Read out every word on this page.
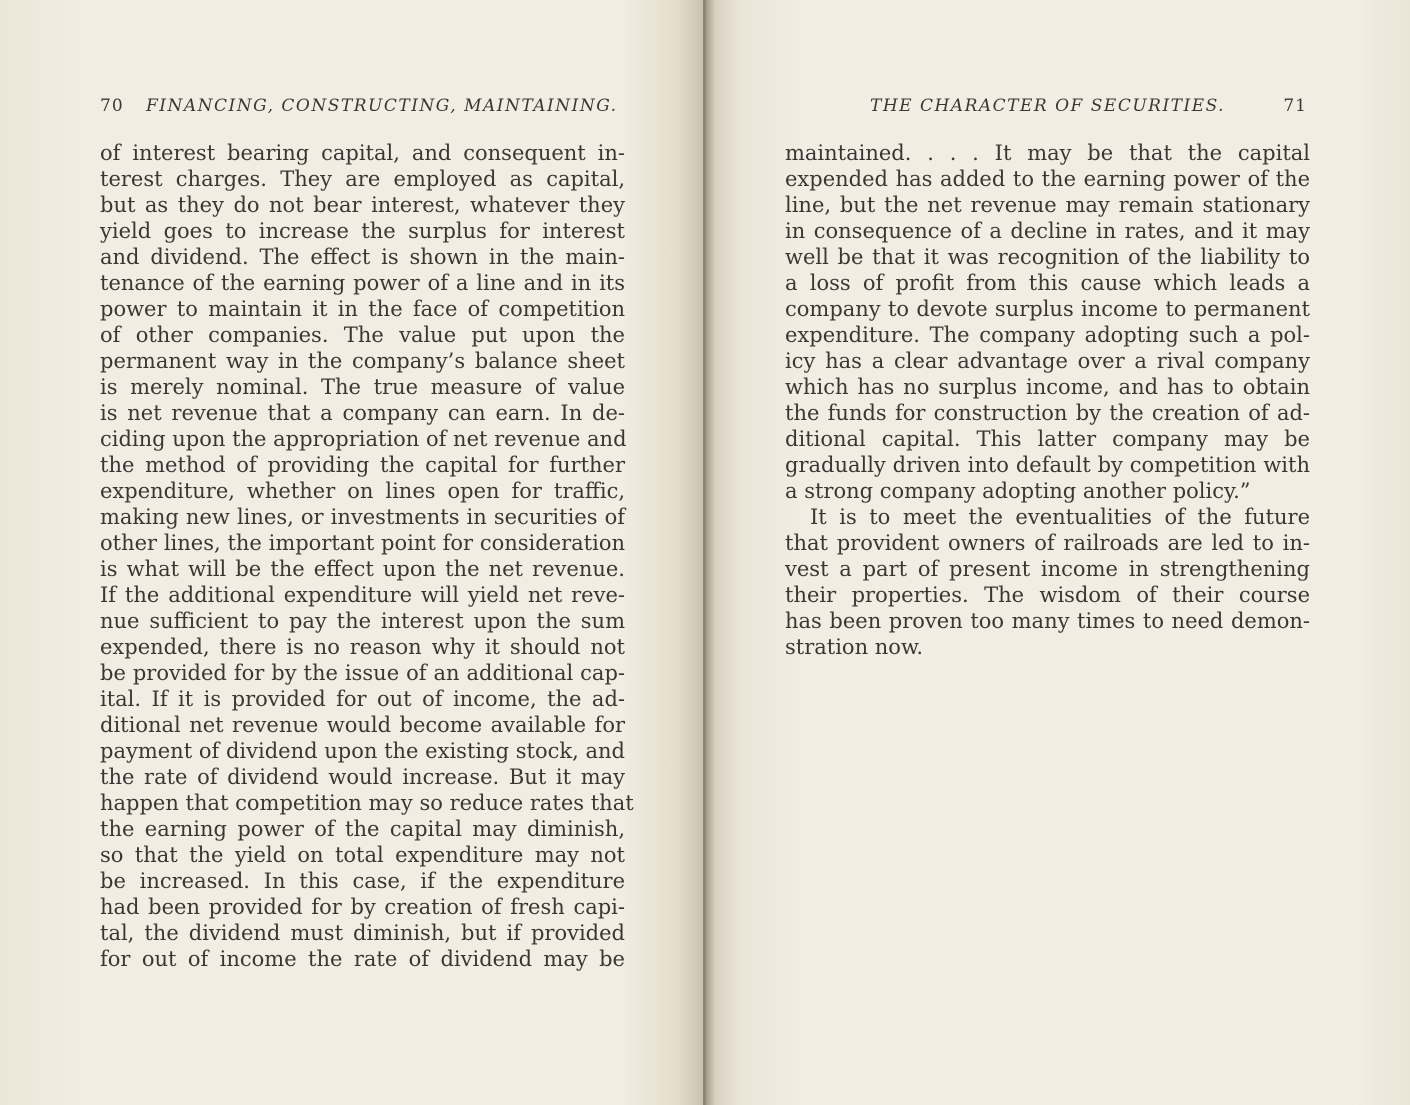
70 FINANCING, CONSTRUCTING, MAINTAINING.
of interest bearing capital, and consequent in-
terest charges. They are employed as capital,
but as they do not bear interest, whatever they
yield goes to increase the surplus for interest
and dividend. The effect is shown in the main-
tenance of the earning power of a line and in its
power to maintain it in the face of competition
of other companies. The value put upon the
permanent way in the company’s balance sheet
is merely nominal. The true measure of value
is net revenue that a company can earn. In de-
ciding upon the appropriation of net revenue and
the method of providing the capital for further
expenditure, whether on lines open for traffic,
making new lines, or investments in securities of
other lines, the important point for consideration
is what will be the effect upon the net revenue.
If the additional expenditure will yield net reve-
nue sufficient to pay the interest upon the sum
expended, there is no reason why it should not
be provided for by the issue of an additional cap-
ital. If it is provided for out of income, the ad-
ditional net revenue would become available for
payment of dividend upon the existing stock, and
the rate of dividend would increase. But it may
happen that competition may so reduce rates that
the earning power of the capital may diminish,
so that the yield on total expenditure may not
be increased. In this case, if the expenditure
had been provided for by creation of fresh capi-
tal, the dividend must diminish, but if provided
for out of income the rate of dividend may be
THE CHARACTER OF SECURITIES.	71
maintained. . . . It may be that the capital
expended has added to the earning power of the
line, but the net revenue may remain stationary
in consequence of a decline in rates, and it may
well be that it was recognition of the liability to
a loss of profit from this cause which leads a
company to devote surplus income to permanent
expenditure. The company adopting such a pol-
icy has a clear advantage over a rival company
which has no surplus income, and has to obtain
the funds for construction by the creation of ad-
ditional capital. This latter company may be
gradually driven into default by competition with
a strong company adopting another policy.”
It is to meet the eventualities of the future
that provident owners of railroads are led to in-
vest a part of present income in strengthening
their properties. The wisdom of their course
has been proven too many times to need demon-
stration now.
